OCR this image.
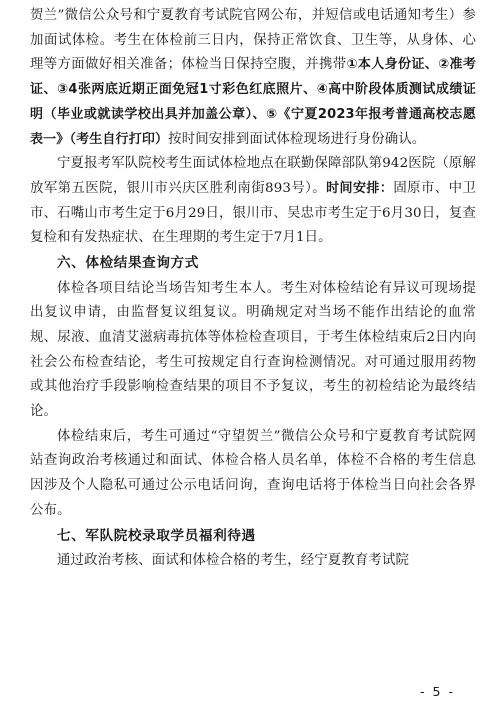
贺兰”微信公众号和宁夏教育考试院官网公布，并短信或电话通知考生）参加面试体检。考生在体检前三日内，保持正常饮食、卫生等，从身体、心理等方面做好相关准备；体检当日保持空腹，并携带①本人身份证、②准考证、③4张两底近期正面免冠1寸彩色红底照片、④高中阶段体质测试成绩证明（毕业或就读学校出具并加盖公章）、⑤《宁夏2023年报考普通高校志愿表一》（考生自行打印）按时间安排到面试体检现场进行身份确认。

宁夏报考军队院校考生面试体检地点在联勤保障部队第942医院（原解放军第五医院，银川市兴庆区胜利南街893号）。时间安排：固原市、中卫市、石嘴山市考生定于6月29日，银川市、吴忠市考生定于6月30日，复查复检和有发热症状、在生理期的考生定于7月1日。

六、体检结果查询方式

体检各项目结论当场告知考生本人。考生对体检结论有异议可现场提出复议申请，由监督复议组复议。明确规定对当场不能作出结论的血常规、尿液、血清艾滋病毒抗体等体检检查项目，于考生体检结束后2日内向社会公布检查结论，考生可按规定自行查询检测情况。对可通过服用药物或其他治疗手段影响检查结果的项目不予复议，考生的初检结论为最终结论。

体检结束后，考生可通过“守望贺兰”微信公众号和宁夏教育考试院网站查询政治考核通过和面试、体检合格人员名单，体检不合格的考生信息因涉及个人隐私可通过公示电话问询，查询电话将于体检当日向社会各界公布。

七、军队院校录取学员福利待遇

通过政治考核、面试和体检合格的考生，经宁夏教育考试院

- 5 -
